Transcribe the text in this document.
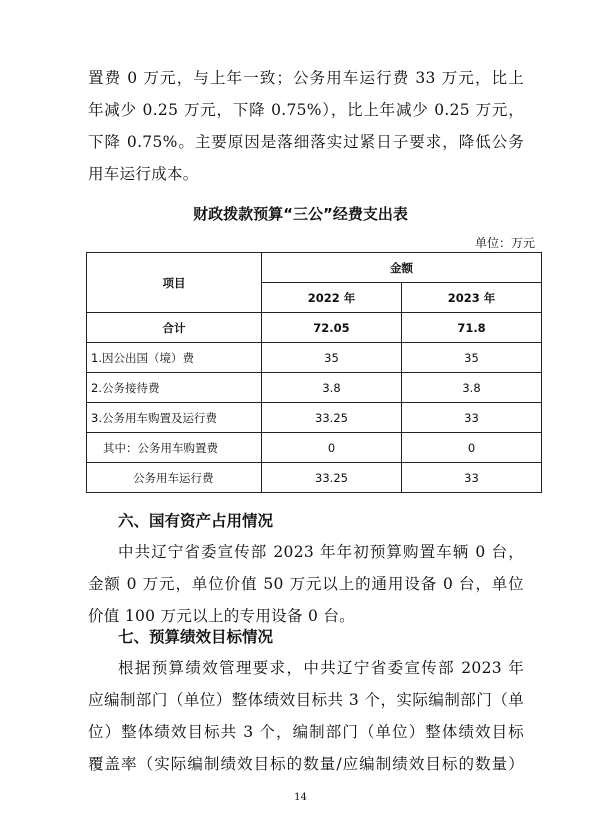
置费 0 万元，与上年一致；公务用车运行费 33 万元，比上

年减少 0.25 万元，下降 0.75%），比上年减少 0.25 万元，

下降 0.75%。主要原因是落细落实过紧日子要求，降低公务

用车运行成本。

财政拨款预算“三公”经费支出表
单位：万元
项目	金额	
	2022 年	2023 年
合计	72.05	71.8
1.因公出国（境）费	35	35
2.公务接待费	3.8	3.8
3.公务用车购置及运行费	33.25	33
其中：公务用车购置费	0	0
公务用车运行费	33.25	33
六、国有资产占用情况

中共辽宁省委宣传部 2023 年年初预算购置车辆 0 台，

金额 0 万元，单位价值 50 万元以上的通用设备 0 台，单位

价值 100 万元以上的专用设备 0 台。

七、预算绩效目标情况

根据预算绩效管理要求，中共辽宁省委宣传部 2023 年

应编制部门（单位）整体绩效目标共 3 个，实际编制部门（单

位）整体绩效目标共 3 个，编制部门（单位）整体绩效目标

覆盖率（实际编制绩效目标的数量/应编制绩效目标的数量）

14
